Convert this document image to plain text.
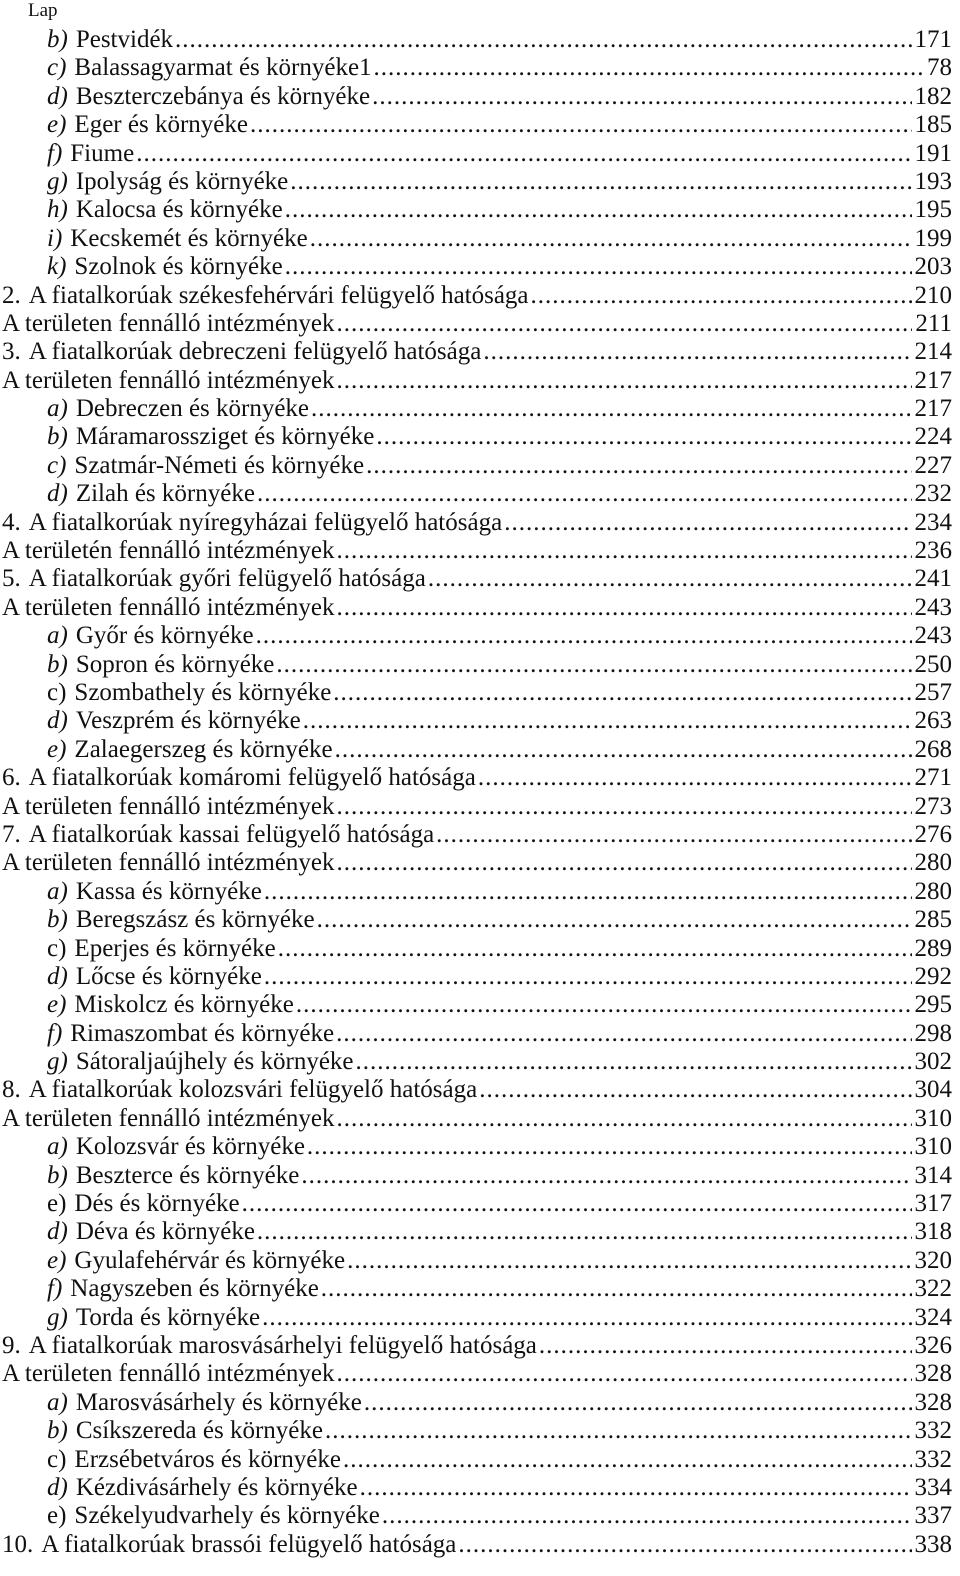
Lap
b) Pestvidék .....	171
c) Balassagyarmat és környéke1 .....	78
d) Beszterczebánya és környéke .....	182
e) Eger és környéke .....	185
f) Fiume .....	191
g) Ipolyság és környéke .....	193
h) Kalocsa és környéke .....	195
i) Kecskemét és környéke .....	199
k) Szolnok és környéke .....	203
2. A fiatalkorúak székesfehérvári felügyelő hatósága .....	210
A területen fennálló intézmények .....	211
3. A fiatalkorúak debreczeni felügyelő hatósága .....	214
A területen fennálló intézmények .....	217
a) Debreczen és környéke .....	217
b) Máramarossziget és környéke .....	224
c) Szatmár-Németi és környéke .....	227
d) Zilah és környéke .....	232
4. A fiatalkorúak nyíregyházai felügyelő hatósága .....	234
A területén fennálló intézmények .....	236
5. A fiatalkorúak győri felügyelő hatósága .....	241
A területen fennálló intézmények .....	243
a) Győr és környéke .....	243
b) Sopron és környéke .....	250
c) Szombathely és környéke .....	257
d) Veszprém és környéke .....	263
e) Zalaegerszeg és környéke .....	268
6. A fiatalkorúak komáromi felügyelő hatósága .....	271
A területen fennálló intézmények .....	273
7. A fiatalkorúak kassai felügyelő hatósága .....	276
A területen fennálló intézmények .....	280
a) Kassa és környéke .....	280
b) Beregszász és környéke .....	285
c) Eperjes és környéke .....	289
d) Lőcse és környéke .....	292
e) Miskolcz és környéke .....	295
f) Rimaszombat és környéke .....	298
g) Sátoraljaújhely és környéke .....	302
8. A fiatalkorúak kolozsvári felügyelő hatósága .....	304
A területen fennálló intézmények .....	310
a) Kolozsvár és környéke .....	310
b) Beszterce és környéke .....	314
e) Dés és környéke .....	317
d) Déva és környéke .....	318
e) Gyulafehérvár és környéke .....	320
f) Nagyszeben és környéke .....	322
g) Torda és környéke .....	324
9. A fiatalkorúak marosvásárhelyi felügyelő hatósága .....	326
A területen fennálló intézmények .....	328
a) Marosvásárhely és környéke .....	328
b) Csíkszereda és környéke .....	332
c) Erzsébetváros és környéke .....	332
d) Kézdivásárhely és környéke .....	334
e) Székelyudvarhely és környéke .....	337
10. A fiatalkorúak brassói felügyelő hatósága .....	338
